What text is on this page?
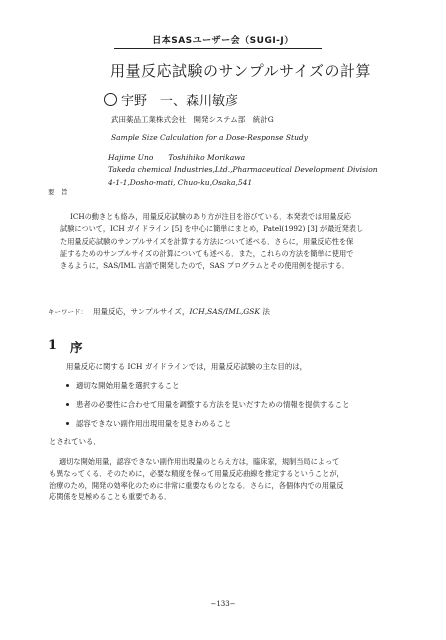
日本SASユーザー会（SUGI-J）
用量反応試験のサンプルサイズの計算
宇野　一、森川敏彦
武田薬品工業株式会社　開発システム部　統計G
Sample Size Calculation for a Dose-Response Study
Hajime Uno　　Toshihiko Morikawa
Takeda chemical Industries,Ltd.,Pharmaceutical Development Division
4-1-1,Dosho-mati, Chuo-ku,Osaka,541
要　旨
ICHの動きとも絡み，用量反応試験のあり方が注目を浴びている．本発表では用量反応
試験について，ICH ガイドライン [5] を中心に簡単にまとめ，Patel(1992) [3] が最近発表し
た用量反応試験のサンプルサイズを計算する方法について述べる．さらに，用量反応性を保
証するためのサンプルサイズの計算についても述べる．また，これらの方法を簡単に使用で
きるように，SAS/IML 言語で開発したので，SAS プログラムとその使用例を提示する．
キーワード： 用量反応，サンプルサイズ，ICH,SAS/IML,GSK 法
1 序
用量反応に関する ICH ガイドラインでは，用量反応試験の主な目的は，
適切な開始用量を選択すること
患者の必要性に合わせて用量を調整する方法を見いだすための情報を提供すること
認容できない副作用出現用量を見きわめること
とされている．
適切な開始用量，認容できない副作用出現量のとらえ方は，臨床家，規制当局によって
も異なってくる．そのために，必要な精度を保って用量反応曲線を推定するということが，
治療のため，開発の効率化のために非常に重要なものとなる．さらに，各個体内での用量反
応関係を見極めることも重要である．
−133−
